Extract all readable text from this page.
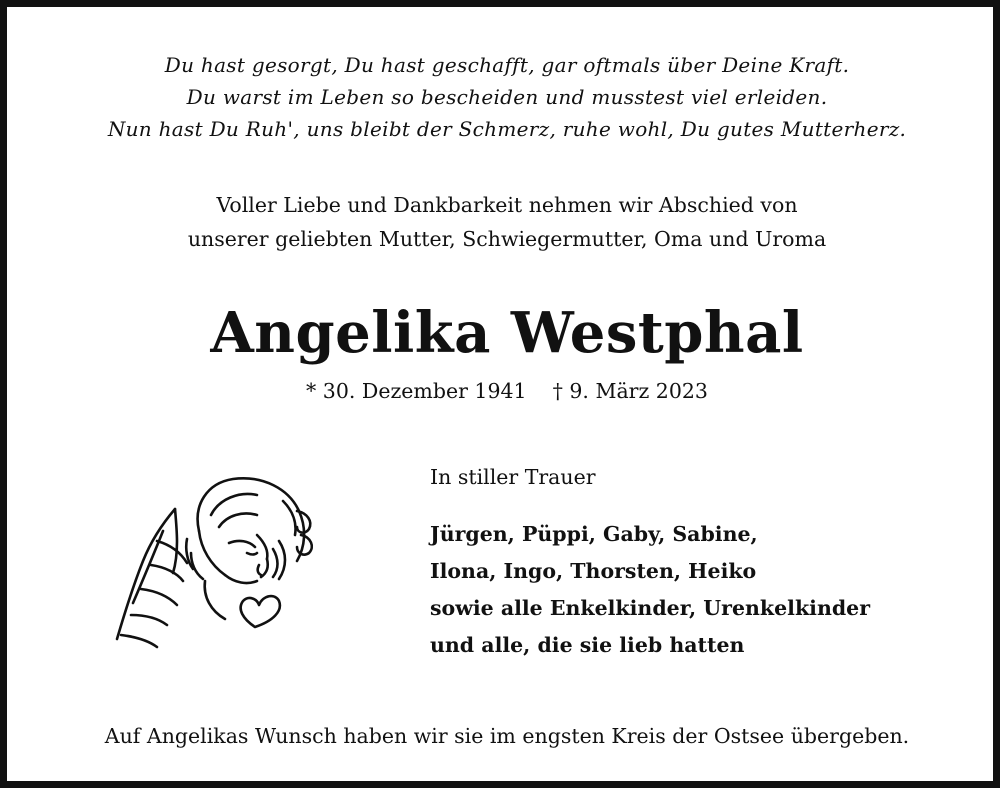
Du hast gesorgt, Du hast geschafft, gar oftmals über Deine Kraft.
Du warst im Leben so bescheiden und musstest viel erleiden.
Nun hast Du Ruh', uns bleibt der Schmerz, ruhe wohl, Du gutes Mutterherz.
Voller Liebe und Dankbarkeit nehmen wir Abschied von
unserer geliebten Mutter, Schwiegermutter, Oma und Uroma
Angelika Westphal
* 30. Dezember 1941 † 9. März 2023
In stiller Trauer
Jürgen, Püppi, Gaby, Sabine,
Ilona, Ingo, Thorsten, Heiko
sowie alle Enkelkinder, Urenkelkinder
und alle, die sie lieb hatten
Auf Angelikas Wunsch haben wir sie im engsten Kreis der Ostsee übergeben.
